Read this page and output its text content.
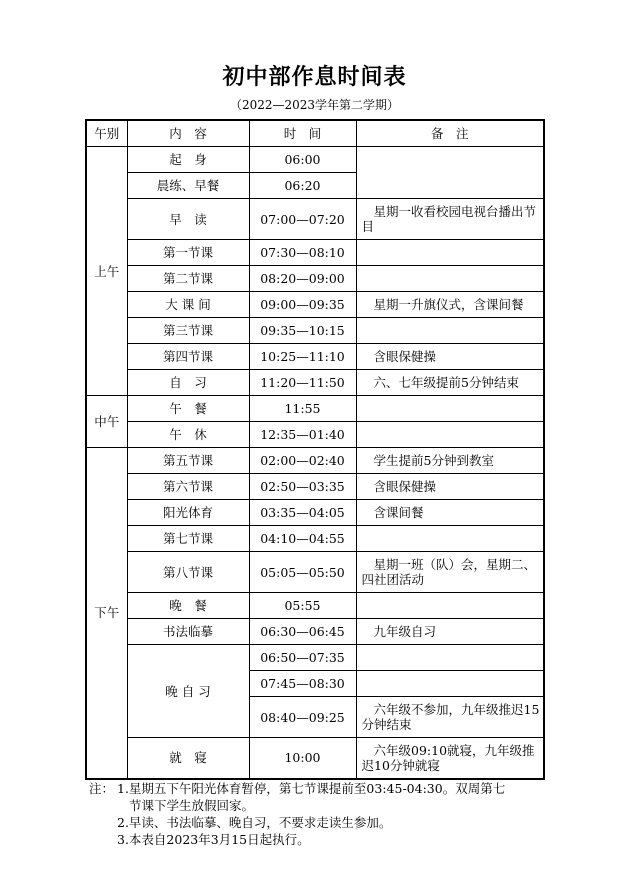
初中部作息时间表
（2022—2023学年第二学期）
午别	内　容	时　间	备　注
上午	起　身	06:00	
	晨练、早餐	06:20	
	早　读	07:00—07:20	星期一收看校园电视台播出节目
	第一节课	07:30—08:10	
	第二节课	08:20—09:00	
	大 课 间	09:00—09:35	星期一升旗仪式，含课间餐
	第三节课	09:35—10:15	
	第四节课	10:25—11:10	含眼保健操
	自　习	11:20—11:50	六、七年级提前5分钟结束
中午	午　餐	11:55	
	午　休	12:35—01:40	
下午	第五节课	02:00—02:40	学生提前5分钟到教室
	第六节课	02:50—03:35	含眼保健操
	阳光体育	03:35—04:05	含课间餐
	第七节课	04:10—04:55	
	第八节课	05:05—05:50	星期一班（队）会，星期二、四社团活动
	晚　餐	05:55	
	书法临摹	06:30—06:45	九年级自习
	晚 自 习	06:50—07:35	
		07:45—08:30	
		08:40—09:25	六年级不参加，九年级推迟15分钟结束
	就　寝	10:00	六年级09:10就寝，九年级推迟10分钟就寝
注： 1.星期五下午阳光体育暂停，第七节课提前至03:45-04:30。双周第七
节课下学生放假回家。
2.早读、书法临摹、晚自习，不要求走读生参加。
3.本表自2023年3月15日起执行。
